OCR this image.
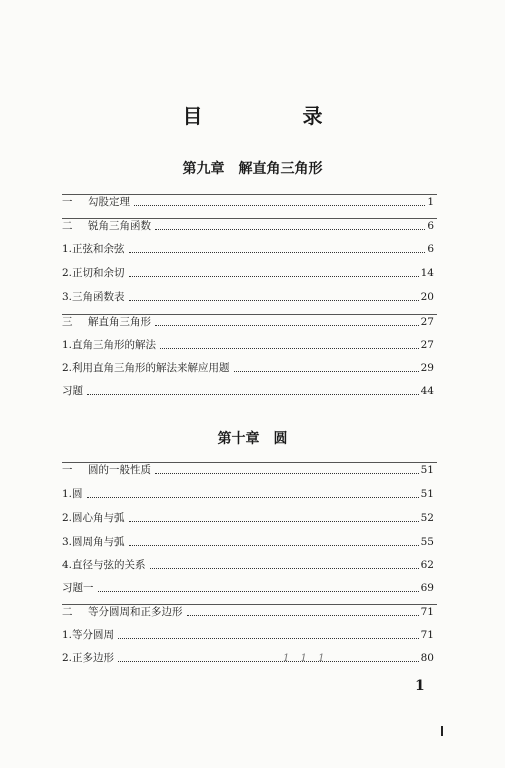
目　录
第九章　解直角三角形
一 勾股定理	1
二 锐角三角函数	6
1.正弦和余弦	6
2.正切和余切	14
3.三角函数表	20
三 解直角三角形	27
1.直角三角形的解法	27
2.利用直角三角形的解法来解应用题	29
习题	44
第十章　圆
一 圆的一般性质	51
1.圆	51
2.圆心角与弧	52
3.圆周角与弧	55
4.直径与弦的关系	62
习题一	69
二 等分圆周和正多边形	71
1.等分圆周	71
2.正多边形	80
1 1 1
1
